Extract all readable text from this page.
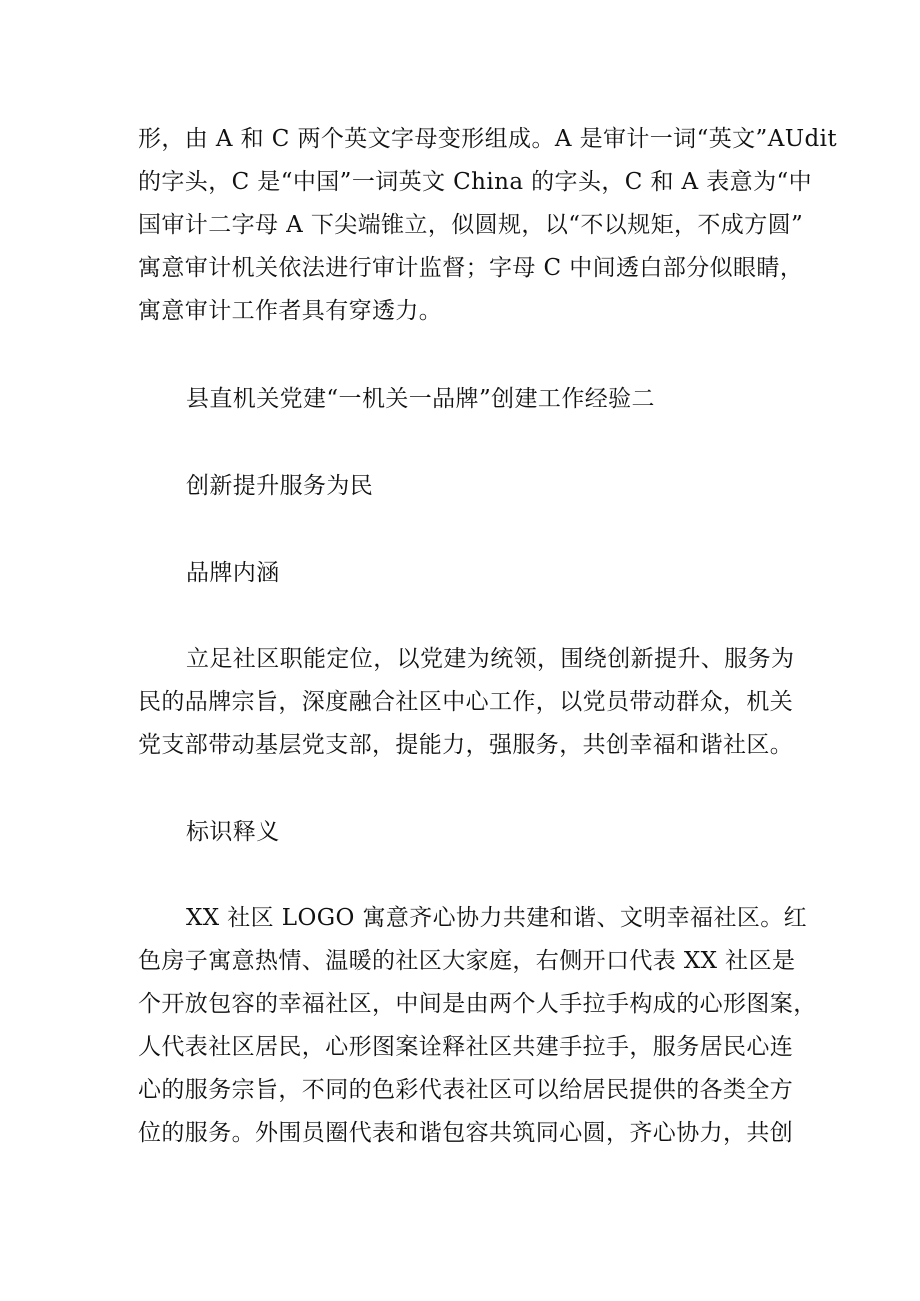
形，由 A 和 C 两个英文字母变形组成。A 是审计一词“英文”AUdit
的字头，C 是“中国”一词英文 China 的字头，C 和 A 表意为“中
国审计二字母 A 下尖端锥立，似圆规，以“不以规矩，不成方圆”
寓意审计机关依法进行审计监督；字母 C 中间透白部分似眼睛，
寓意审计工作者具有穿透力。

县直机关党建“一机关一品牌”创建工作经验二

创新提升服务为民

品牌内涵

立足社区职能定位，以党建为统领，围绕创新提升、服务为
民的品牌宗旨，深度融合社区中心工作，以党员带动群众，机关
党支部带动基层党支部，提能力，强服务，共创幸福和谐社区。

标识释义

XX 社区 LOGO 寓意齐心协力共建和谐、文明幸福社区。红
色房子寓意热情、温暖的社区大家庭，右侧开口代表 XX 社区是
个开放包容的幸福社区，中间是由两个人手拉手构成的心形图案，
人代表社区居民，心形图案诠释社区共建手拉手，服务居民心连
心的服务宗旨，不同的色彩代表社区可以给居民提供的各类全方
位的服务。外围员圈代表和谐包容共筑同心圆，齐心协力，共创
